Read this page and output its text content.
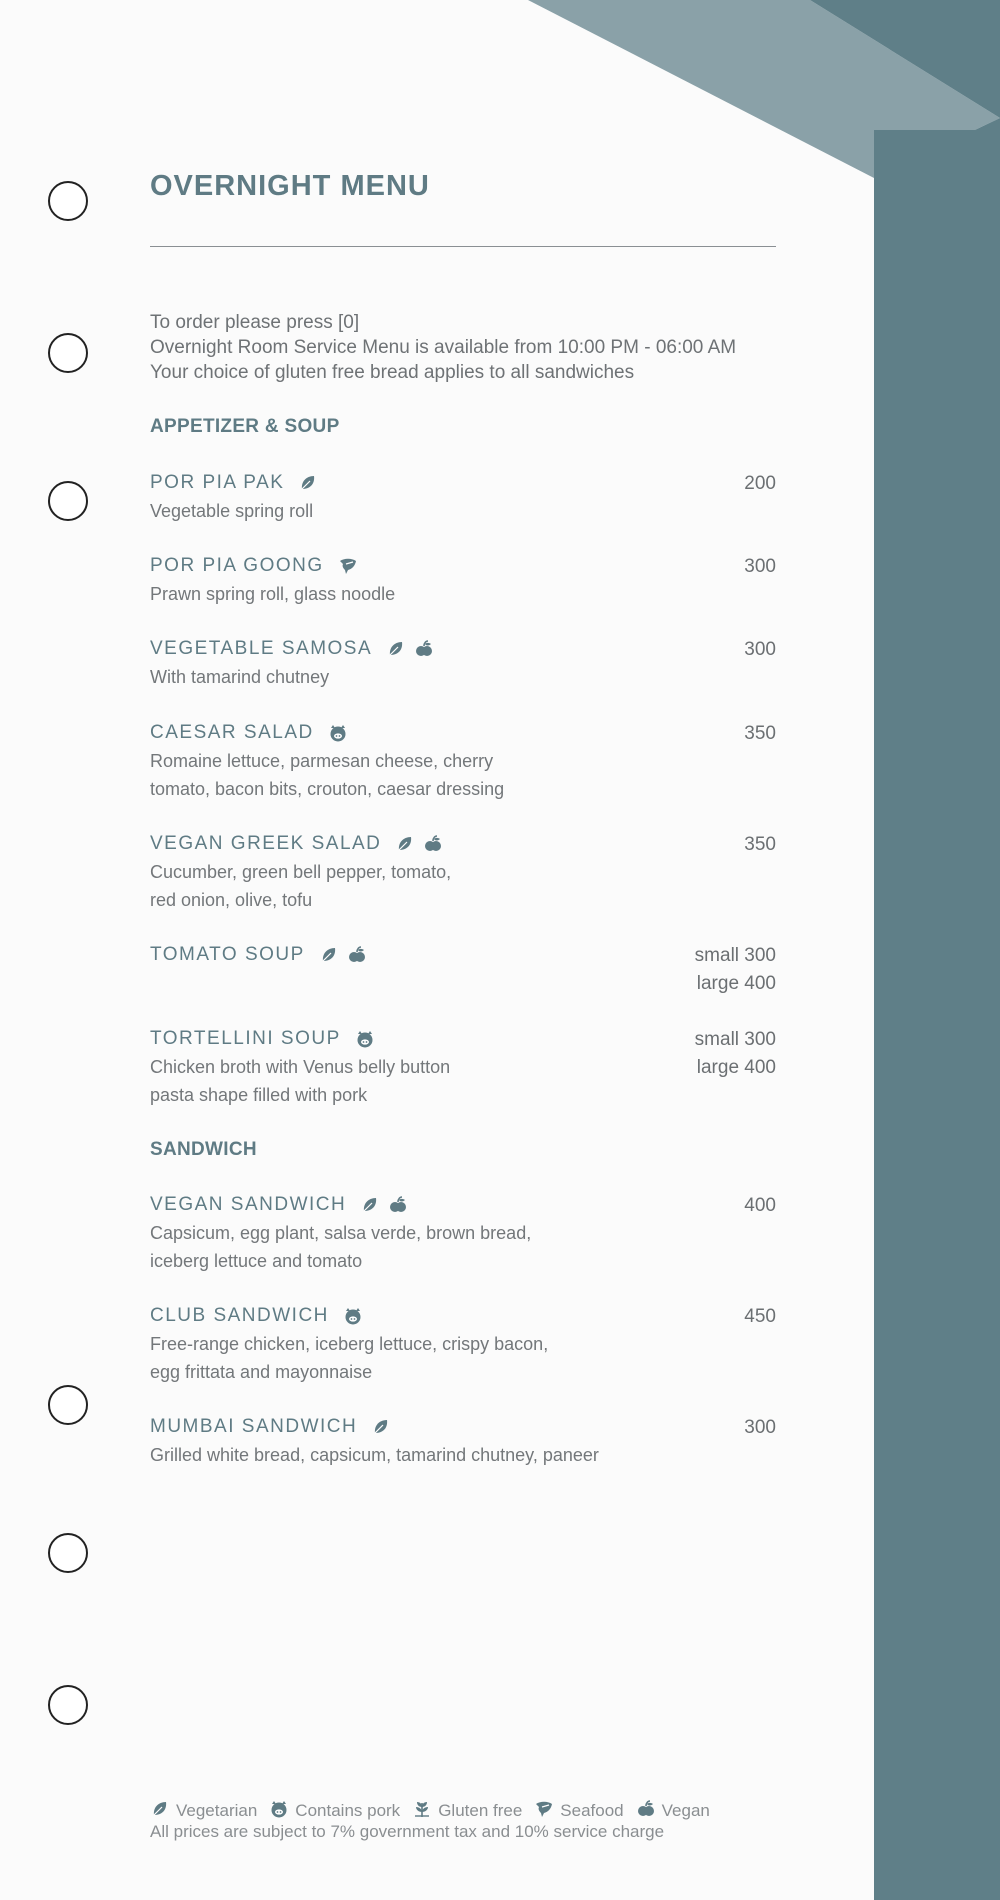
OVERNIGHT MENU
To order please press [0]
Overnight Room Service Menu is available from 10:00 PM - 06:00 AM
Your choice of gluten free bread applies to all sandwiches
APPETIZER & SOUP
POR PIA PAK	200
Vegetable spring roll
POR PIA GOONG	300
Prawn spring roll, glass noodle
VEGETABLE SAMOSA	300
With tamarind chutney
CAESAR SALAD	350
Romaine lettuce, parmesan cheese, cherry
tomato, bacon bits, crouton, caesar dressing
VEGAN GREEK SALAD	350
Cucumber, green bell pepper, tomato,
red onion, olive, tofu
TOMATO SOUP	small 300
large 400
TORTELLINI SOUP	small 300
large 400
Chicken broth with Venus belly button
pasta shape filled with pork
SANDWICH
VEGAN SANDWICH	400
Capsicum, egg plant, salsa verde, brown bread,
iceberg lettuce and tomato
CLUB SANDWICH	450
Free-range chicken, iceberg lettuce, crispy bacon,
egg frittata and mayonnaise
MUMBAI SANDWICH	300
Grilled white bread, capsicum, tamarind chutney, paneer
Vegetarian Contains pork Gluten free Seafood Vegan
All prices are subject to 7% government tax and 10% service charge
